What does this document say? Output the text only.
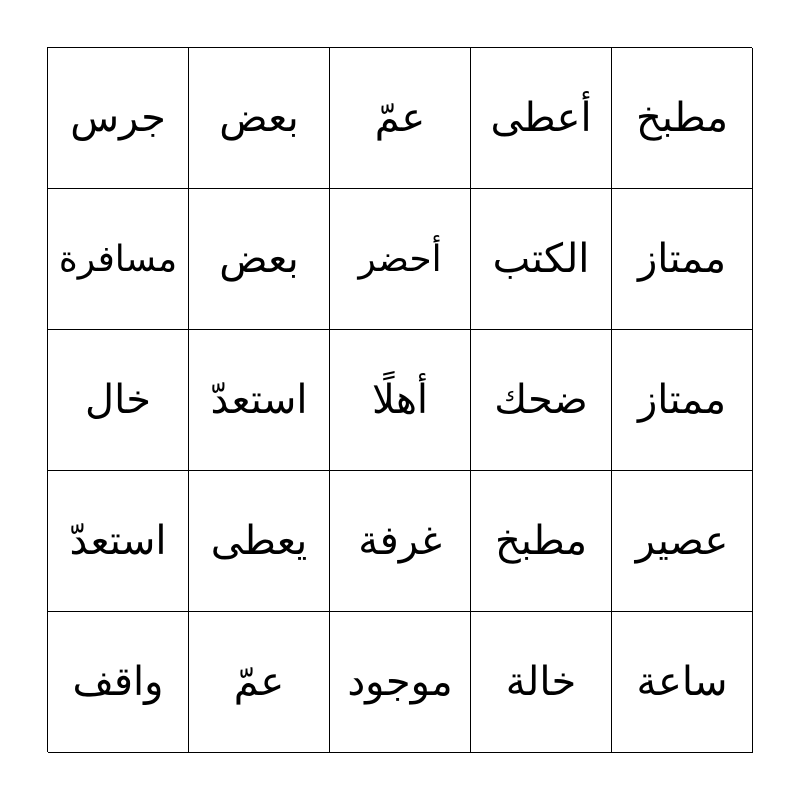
جرس	بعض	عمّ	أعطى	مطبخ
مسافرة	بعض	أحضر	الكتب	ممتاز
خال	استعدّ	أهلًا	ضحك	ممتاز
استعدّ	يعطى	غرفة	مطبخ	عصير
واقف	عمّ	موجود	خالة	ساعة
